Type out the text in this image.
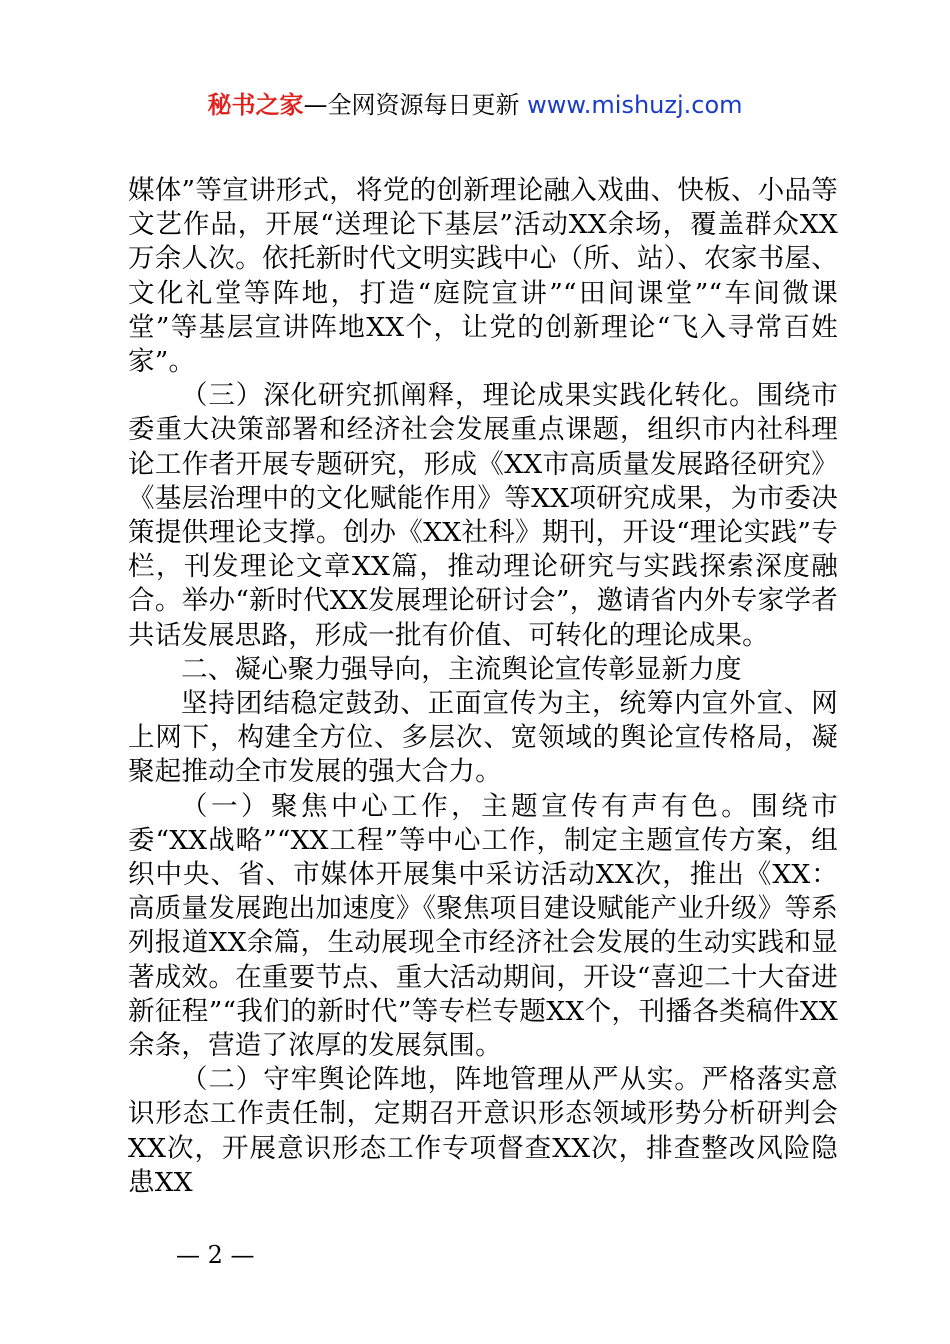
秘书之家—全网资源每日更新 www.mishuzj.com

媒体”等宣讲形式，将党的创新理论融入戏曲、快板、小品等文艺作品，开展“送理论下基层”活动XX余场，覆盖群众XX万余人次。依托新时代文明实践中心（所、站）、农家书屋、文化礼堂等阵地，打造“庭院宣讲”“田间课堂”“车间微课堂”等基层宣讲阵地XX个，让党的创新理论“飞入寻常百姓家”。

（三）深化研究抓阐释，理论成果实践化转化。围绕市委重大决策部署和经济社会发展重点课题，组织市内社科理论工作者开展专题研究，形成《XX市高质量发展路径研究》《基层治理中的文化赋能作用》等XX项研究成果，为市委决策提供理论支撑。创办《XX社科》期刊，开设“理论实践”专栏，刊发理论文章XX篇，推动理论研究与实践探索深度融合。举办“新时代XX发展理论研讨会”，邀请省内外专家学者共话发展思路，形成一批有价值、可转化的理论成果。

二、凝心聚力强导向，主流舆论宣传彰显新力度

坚持团结稳定鼓劲、正面宣传为主，统筹内宣外宣、网上网下，构建全方位、多层次、宽领域的舆论宣传格局，凝聚起推动全市发展的强大合力。

（一）聚焦中心工作，主题宣传有声有色。围绕市委“XX战略”“XX工程”等中心工作，制定主题宣传方案，组织中央、省、市媒体开展集中采访活动XX次，推出《XX：高质量发展跑出加速度》《聚焦项目建设赋能产业升级》等系列报道XX余篇，生动展现全市经济社会发展的生动实践和显著成效。在重要节点、重大活动期间，开设“喜迎二十大奋进新征程”“我们的新时代”等专栏专题XX个，刊播各类稿件XX余条，营造了浓厚的发展氛围。

（二）守牢舆论阵地，阵地管理从严从实。严格落实意识形态工作责任制，定期召开意识形态领域形势分析研判会XX次，开展意识形态工作专项督查XX次，排查整改风险隐患XX

— 2 —
